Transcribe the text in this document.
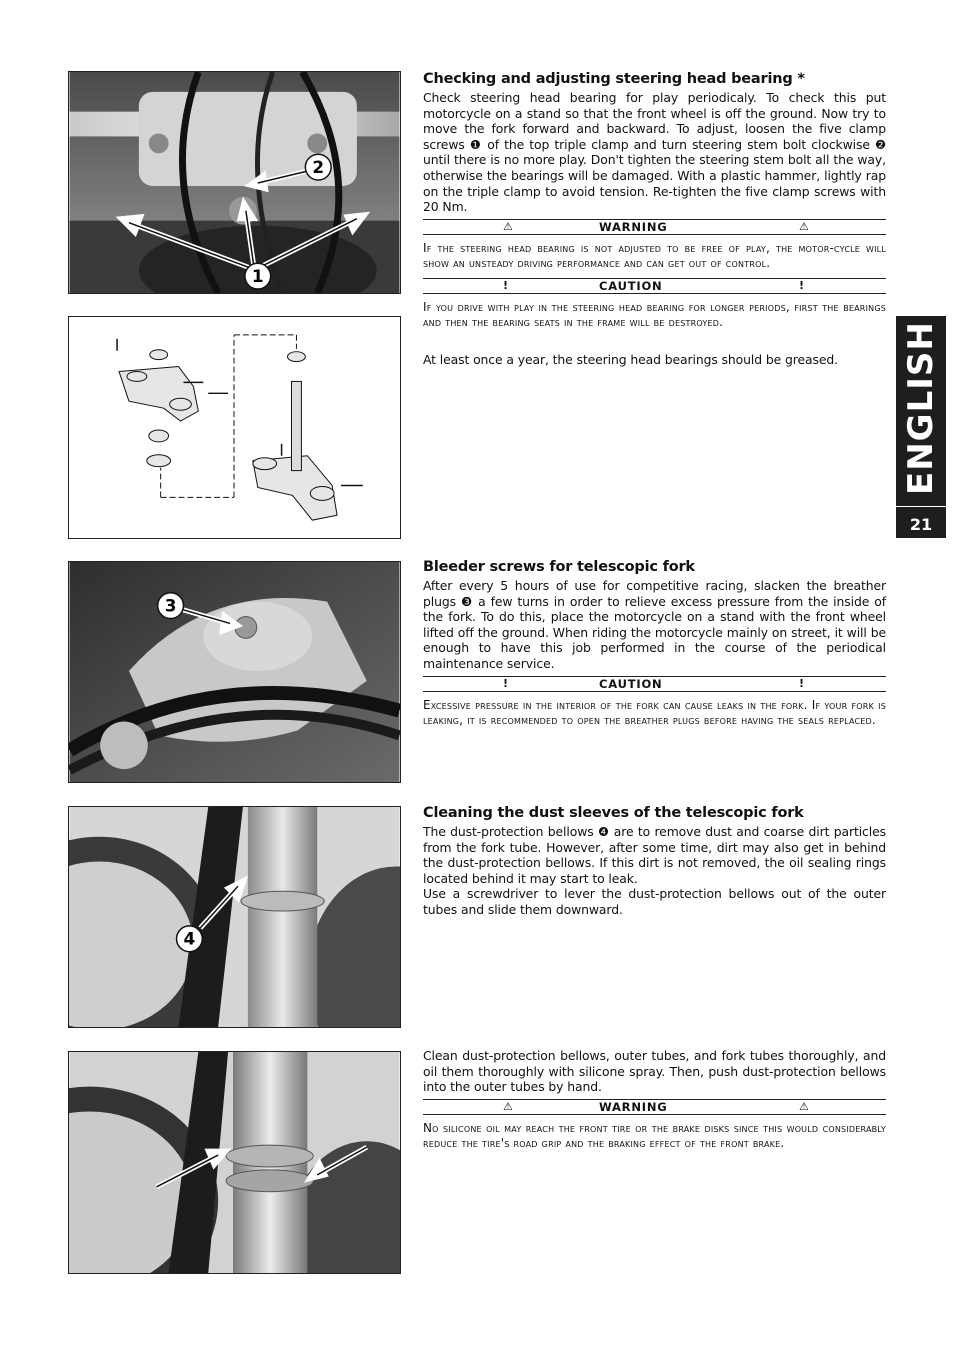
2
1
3
4
Checking and adjusting steering head bearing *

Check steering head bearing for play periodicaly. To check this put motorcycle on a stand so that the front wheel is off the ground. Now try to move the fork forward and backward. To adjust, loosen the five clamp screws ❶ of the top triple clamp and turn steering stem bolt clockwise ❷ until there is no more play. Don't tighten the steering stem bolt all the way, otherwise the bearings will be damaged. With a plastic hammer, lightly rap on the triple clamp to avoid tension. Re-tighten the five clamp screws with 20 Nm.

⚠	WARNING	⚠

If the steering head bearing is not adjusted to be free of play, the motor-cycle will show an unsteady driving performance and can get out of control.

!	CAUTION	!

If you drive with play in the steering head bearing for longer periods, first the bearings and then the bearing seats in the frame will be destroyed.

At least once a year, the steering head bearings should be greased.

Bleeder screws for telescopic fork

After every 5 hours of use for competitive racing, slacken the breather plugs ❸ a few turns in order to relieve excess pressure from the inside of the fork. To do this, place the motorcycle on a stand with the front wheel lifted off the ground. When riding the motorcycle mainly on street, it will be enough to have this job performed in the course of the periodical maintenance service.

!	CAUTION	!

Excessive pressure in the interior of the fork can cause leaks in the fork. If your fork is leaking, it is recommended to open the breather plugs before having the seals replaced.

Cleaning the dust sleeves of the telescopic fork

The dust-protection bellows ❹ are to remove dust and coarse dirt particles from the fork tube. However, after some time, dirt may also get in behind the dust-protection bellows. If this dirt is not removed, the oil sealing rings located behind it may start to leak.

Use a screwdriver to lever the dust-protection bellows out of the outer tubes and slide them downward.

Clean dust-protection bellows, outer tubes, and fork tubes thoroughly, and oil them thoroughly with silicone spray. Then, push dust-protection bellows into the outer tubes by hand.

⚠	WARNING	⚠

No silicone oil may reach the front tire or the brake disks since this would considerably reduce the tire's road grip and the braking effect of the front brake.

ENGLISH
21
